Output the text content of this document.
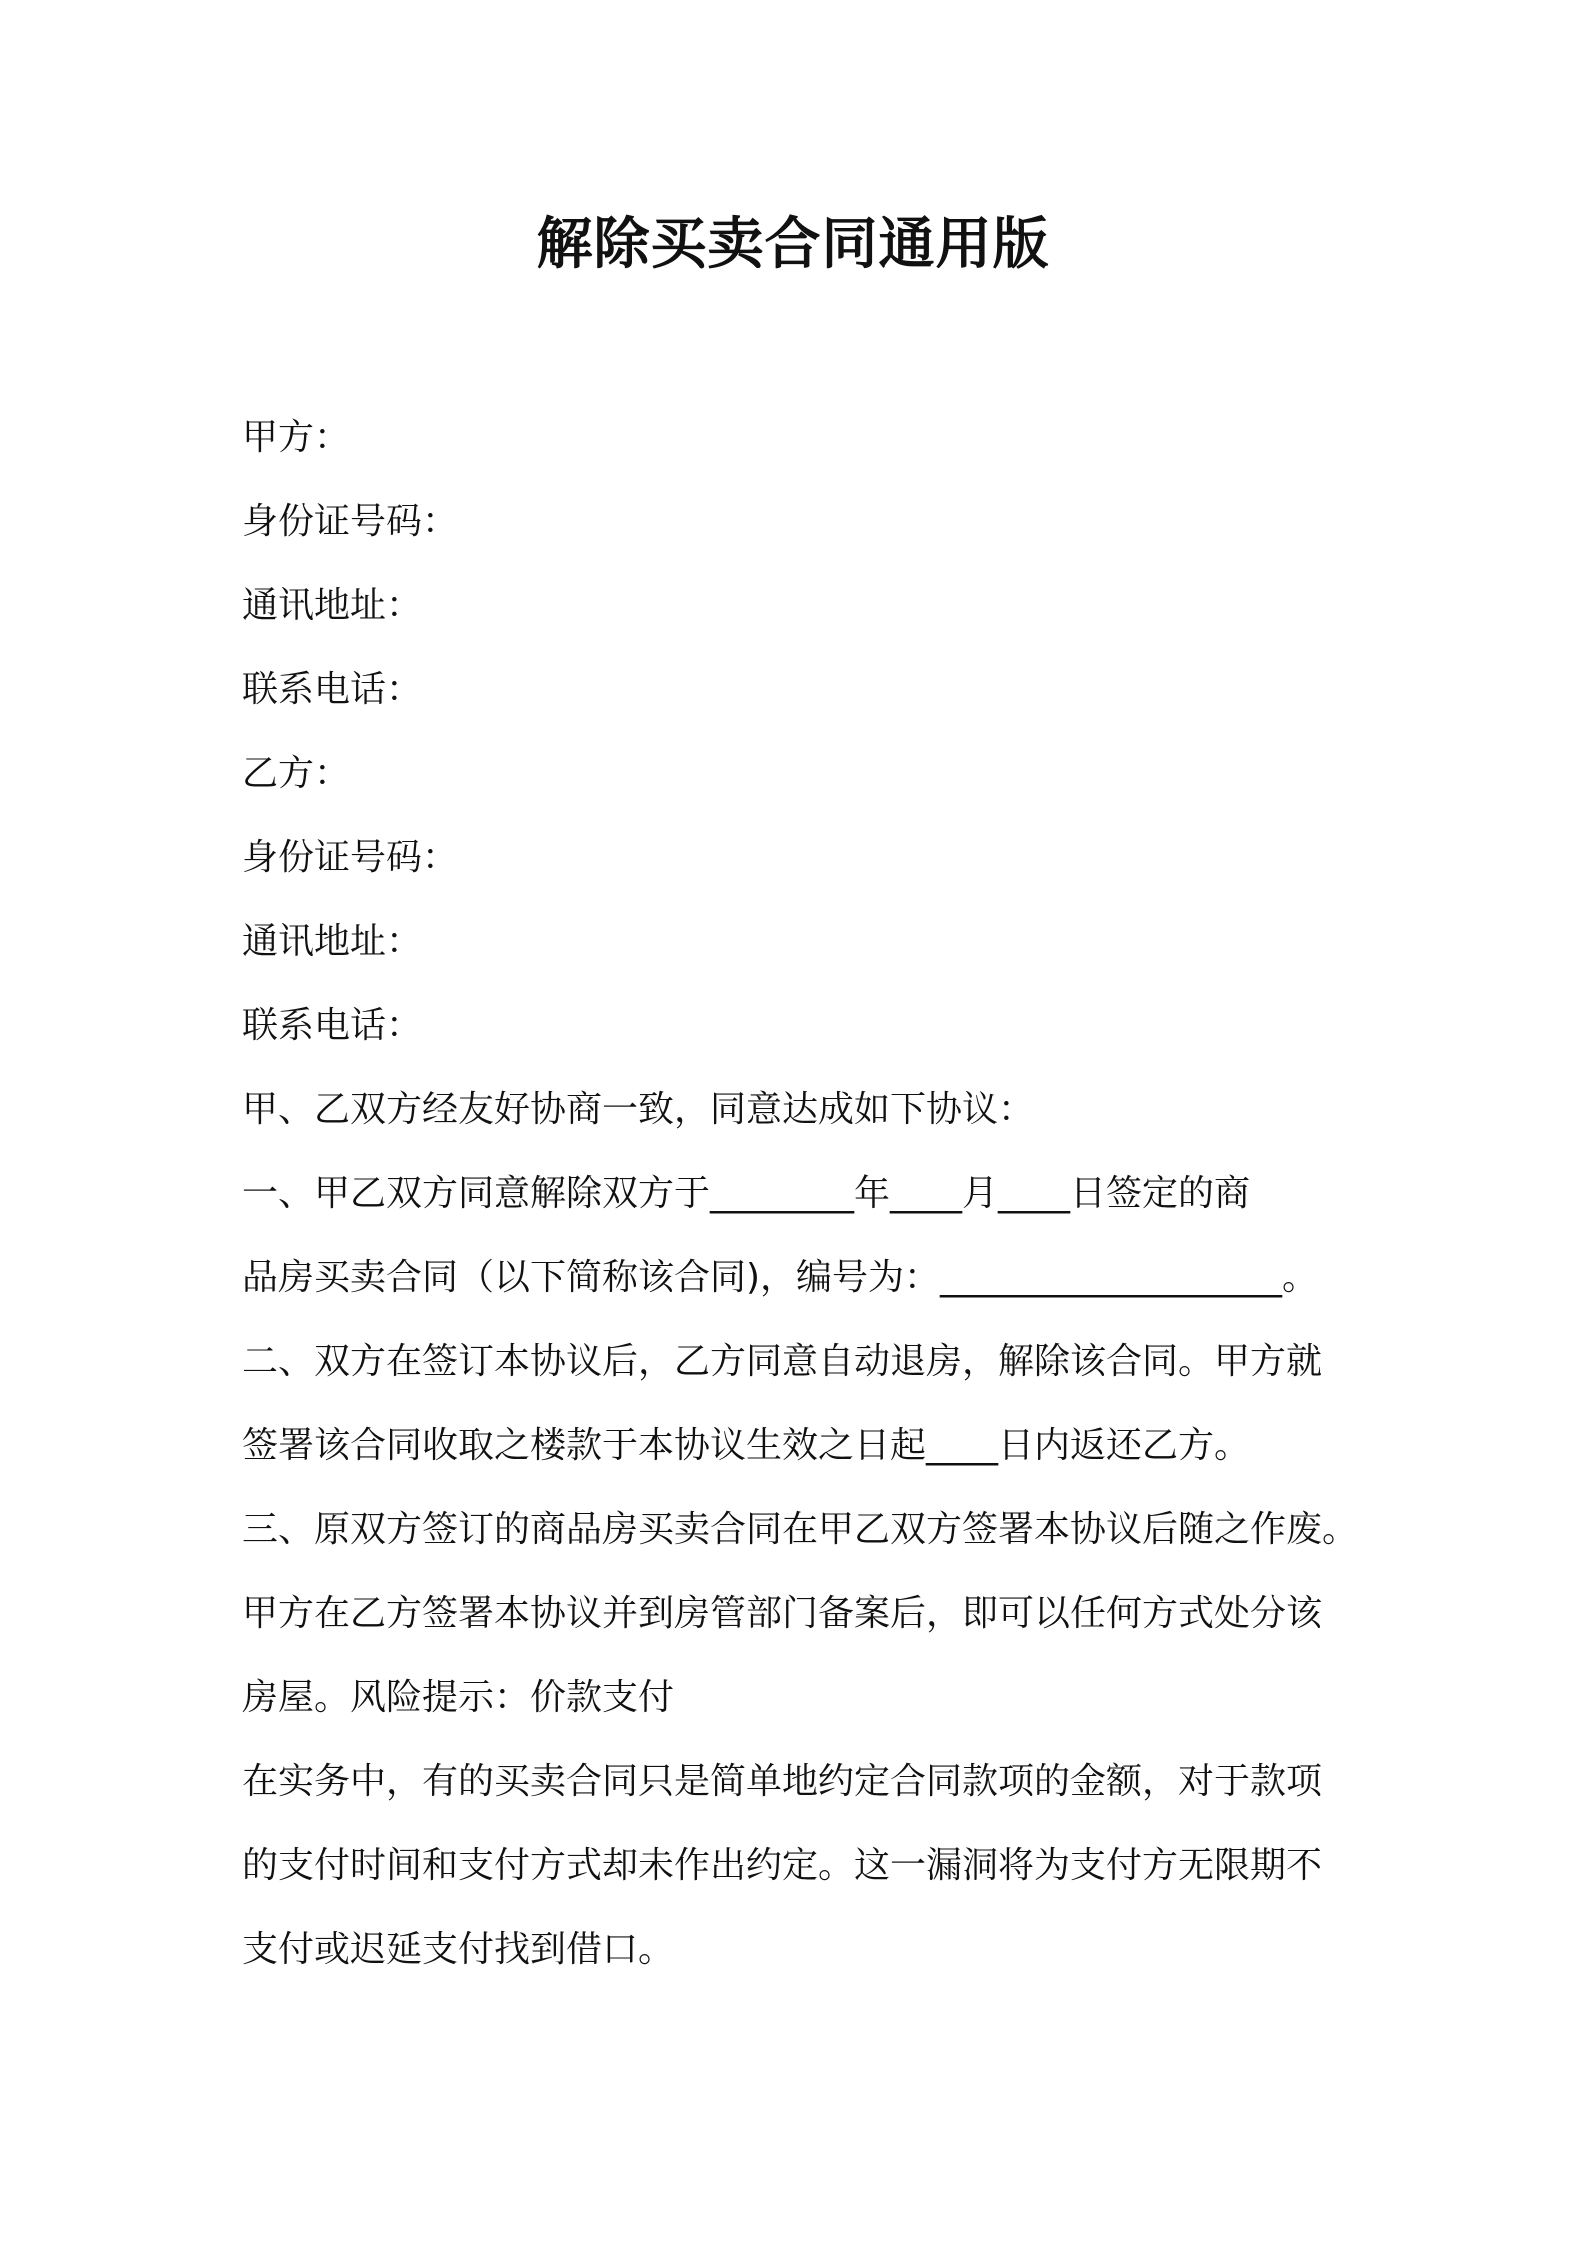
解除买卖合同通用版
甲方：
身份证号码：
通讯地址：
联系电话：
乙方：
身份证号码：
通讯地址：
联系电话：
甲、乙双方经友好协商一致，同意达成如下协议：
一、甲乙双方同意解除双方于________年____月____日签定的商
品房买卖合同（以下简称该合同)，编号为：___________________。
二、双方在签订本协议后，乙方同意自动退房，解除该合同。甲方就
签署该合同收取之楼款于本协议生效之日起____日内返还乙方。
三、原双方签订的商品房买卖合同在甲乙双方签署本协议后随之作废。
甲方在乙方签署本协议并到房管部门备案后，即可以任何方式处分该
房屋。风险提示：价款支付
在实务中，有的买卖合同只是简单地约定合同款项的金额，对于款项
的支付时间和支付方式却未作出约定。这一漏洞将为支付方无限期不
支付或迟延支付找到借口。
